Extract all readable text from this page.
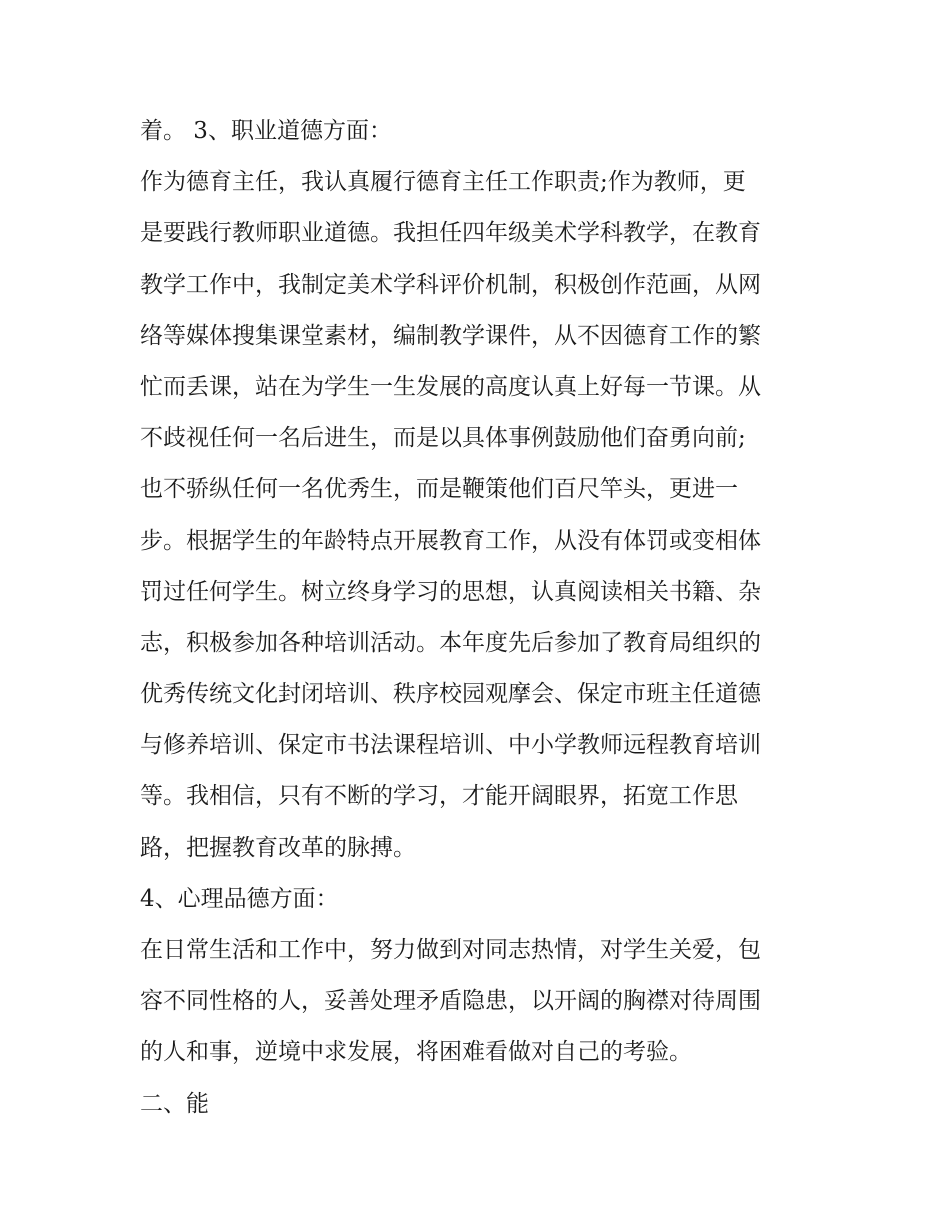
着。 3、职业道德方面：
作为德育主任，我认真履行德育主任工作职责;作为教师，更
是要践行教师职业道德。我担任四年级美术学科教学，在教育
教学工作中，我制定美术学科评价机制，积极创作范画，从网
络等媒体搜集课堂素材，编制教学课件，从不因德育工作的繁
忙而丢课，站在为学生一生发展的高度认真上好每一节课。从
不歧视任何一名后进生，而是以具体事例鼓励他们奋勇向前;
也不骄纵任何一名优秀生，而是鞭策他们百尺竿头，更进一
步。根据学生的年龄特点开展教育工作，从没有体罚或变相体
罚过任何学生。树立终身学习的思想，认真阅读相关书籍、杂
志，积极参加各种培训活动。本年度先后参加了教育局组织的
优秀传统文化封闭培训、秩序校园观摩会、保定市班主任道德
与修养培训、保定市书法课程培训、中小学教师远程教育培训
等。我相信，只有不断的学习，才能开阔眼界，拓宽工作思
路，把握教育改革的脉搏。
4、心理品德方面：
在日常生活和工作中，努力做到对同志热情，对学生关爱，包
容不同性格的人，妥善处理矛盾隐患，以开阔的胸襟对待周围
的人和事，逆境中求发展，将困难看做对自己的考验。
二、能
